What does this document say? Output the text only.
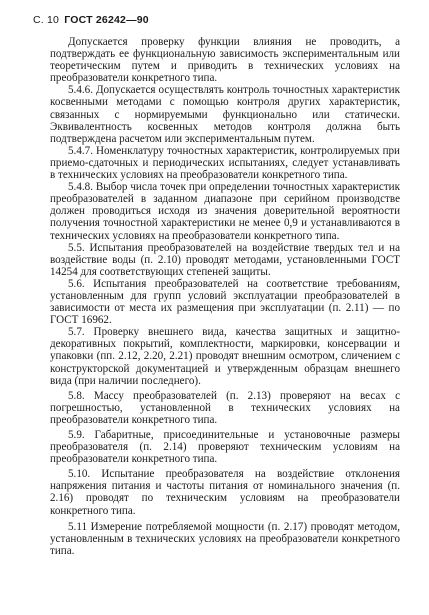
С. 10 ГОСТ 26242—90

Допускается проверку функции влияния не проводить, а подтверждать ее функциональную зависимость экспериментальным или теоретическим путем и приводить в технических условиях на преобразователи конкретного типа.

5.4.6. Допускается осуществлять контроль точностных характеристик косвенными методами с помощью контроля других характеристик, связанных с нормируемыми функционально или статически. Эквивалентность косвенных методов контроля должна быть подтверждена расчетом или экспериментальным путем.

5.4.7. Номенклатуру точностных характеристик, контролируемых при приемо-сдаточных и периодических испытаниях, следует устанавливать в технических условиях на преобразователи конкретного типа.

5.4.8. Выбор числа точек при определении точностных характеристик преобразователей в заданном диапазоне при серийном производстве должен проводиться исходя из значения доверительной вероятности получения точностной характеристики не менее 0,9 и устанавливаются в технических условиях на преобразователи конкретного типа.

5.5. Испытания преобразователей на воздействие твердых тел и на воздействие воды (п. 2.10) проводят методами, установленными ГОСТ 14254 для соответствующих степеней защиты.

5.6. Испытания преобразователей на соответствие требованиям, установленным для групп условий эксплуатации преобразователей в зависимости от места их размещения при эксплуатации (п. 2.11) — по ГОСТ 16962.

5.7. Проверку внешнего вида, качества защитных и защитно-декоративных покрытий, комплектности, маркировки, консервации и упаковки (пп. 2.12, 2.20, 2.21) проводят внешним осмотром, сличением с конструкторской документацией и утвержденным образцам внешнего вида (при наличии последнего).

5.8. Массу преобразователей (п. 2.13) проверяют на весах с погрешностью, установленной в технических условиях на преобразователи конкретного типа.

5.9. Габаритные, присоединительные и установочные размеры преобразователя (п. 2.14) проверяют техническим условиям на преобразователи конкретного типа.

5.10. Испытание преобразователя на воздействие отклонения напряжения питания и частоты питания от номинального значения (п. 2.16) проводят по техническим условиям на преобразователи конкретного типа.

5.11 Измерение потребляемой мощности (п. 2.17) проводят методом, установленным в технических условиях на преобразователи конкретного типа.
